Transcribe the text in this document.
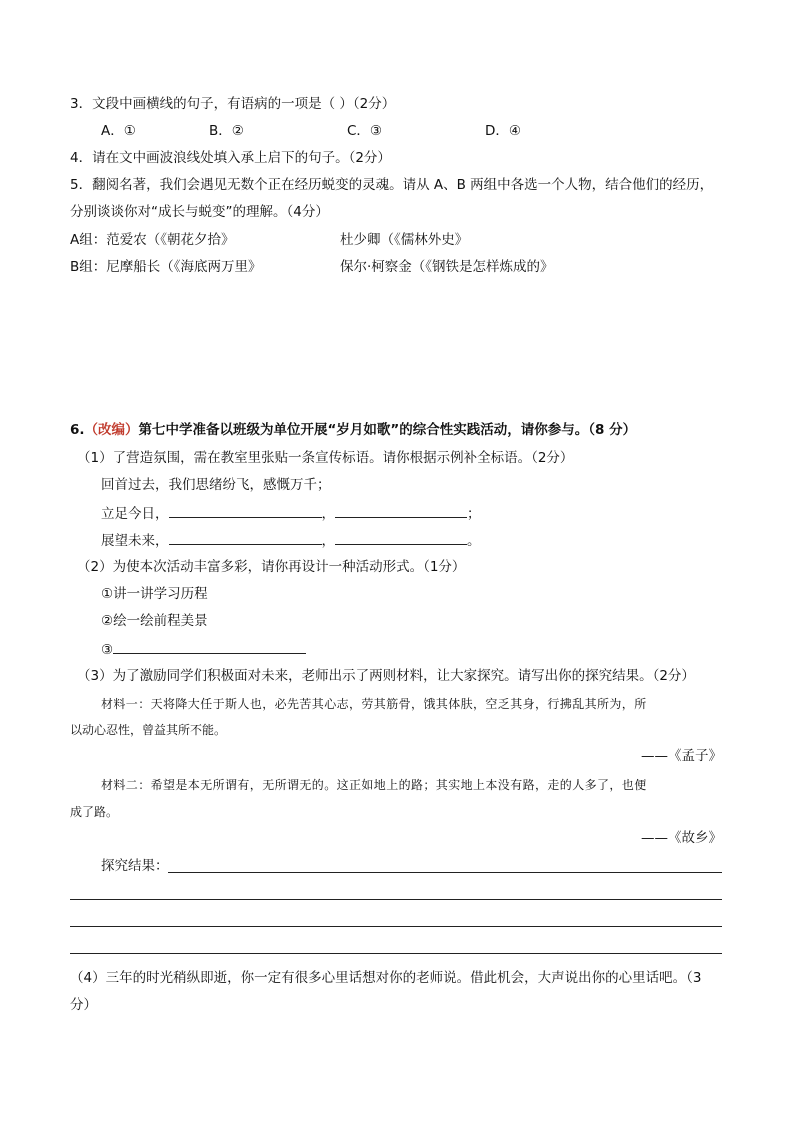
3．文段中画横线的句子，有语病的一项是（ ）（2分）
A．①	B．②	C．③	D．④
4．请在文中画波浪线处填入承上启下的句子。（2分）
5．翻阅名著，我们会遇见无数个正在经历蜕变的灵魂。请从 A、B 两组中各选一个人物，结合他们的经历，
分别谈谈你对“成长与蜕变”的理解。（4分）
A组：范爱农（《朝花夕拾》	杜少卿（《儒林外史》
B组：尼摩船长（《海底两万里》	保尔·柯察金（《钢铁是怎样炼成的》
6.（改编）第七中学准备以班级为单位开展“岁月如歌”的综合性实践活动，请你参与。（8 分）
（1）了营造氛围，需在教室里张贴一条宣传标语。请你根据示例补全标语。（2分）
回首过去，我们思绪纷飞，感慨万千；
立足今日，	，	；
展望未来，	，	。
（2）为使本次活动丰富多彩，请你再设计一种活动形式。（1分）
①讲一讲学习历程
②绘一绘前程美景
③
（3）为了激励同学们积极面对未来，老师出示了两则材料，让大家探究。请写出你的探究结果。（2分）
材料一：天将降大任于斯人也，必先苦其心志，劳其筋骨，饿其体肤，空乏其身，行拂乱其所为，所
以动心忍性，曾益其所不能。
——《孟子》
材料二：希望是本无所谓有，无所谓无的。这正如地上的路；其实地上本没有路，走的人多了，也便
成了路。
——《故乡》
探究结果：
（4）三年的时光稍纵即逝，你一定有很多心里话想对你的老师说。借此机会，大声说出你的心里话吧。（3
分）
